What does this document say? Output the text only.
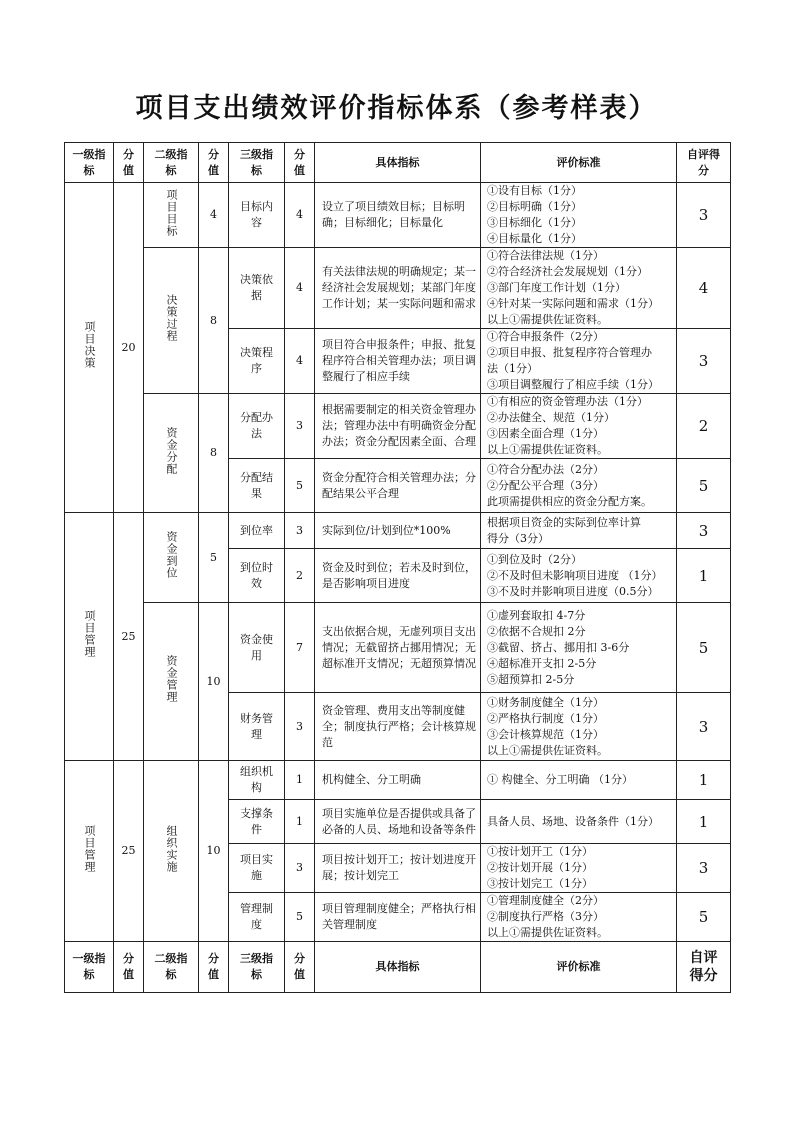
项目支出绩效评价指标体系（参考样表）
一级指标	分值	二级指标	分值	三级指标	分值	具体指标	评价标准	自评得分
项目决策	20	项目目标	4	目标内容	4	设立了项目绩效目标；目标明确；目标细化；目标量化	①设有目标（1分）
②目标明确（1分）
③目标细化（1分）
④目标量化（1分）	3
		决策过程	8	决策依据	4	有关法律法规的明确规定；某一经济社会发展规划；某部门年度工作计划；某一实际问题和需求	①符合法律法规（1分）
②符合经济社会发展规划（1分）
③部门年度工作计划（1分）
④针对某一实际问题和需求（1分）
以上①需提供佐证资料。	4
				决策程序	4	项目符合申报条件；申报、批复程序符合相关管理办法；项目调整履行了相应手续	①符合申报条件（2分）
②项目申报、批复程序符合管理办
法（1分）
③项目调整履行了相应手续（1分）	3
		资金分配	8	分配办法	3	根据需要制定的相关资金管理办法；管理办法中有明确资金分配办法；资金分配因素全面、合理	①有相应的资金管理办法（1分）
②办法健全、规范（1分）
③因素全面合理（1分）
以上①需提供佐证资料。	2
				分配结果	5	资金分配符合相关管理办法；分配结果公平合理	①符合分配办法（2分）
②分配公平合理（3分）
此项需提供相应的资金分配方案。	5
项目管理	25	资金到位	5	到位率	3	实际到位/计划到位*100%	根据项目资金的实际到位率计算
得分（3分）	3
				到位时效	2	资金及时到位；若未及时到位，是否影响项目进度	①到位及时（2分）
②不及时但未影响项目进度 （1分）
③不及时并影响项目进度（0.5分）	1
		资金管理	10	资金使用	7	支出依据合规，无虚列项目支出情况；无截留挤占挪用情况；无超标准开支情况；无超预算情况	①虚列套取扣 4-7分
②依据不合规扣 2分
③截留、挤占、挪用扣 3-6分
④超标准开支扣 2-5分
⑤超预算扣 2-5分	5
				财务管理	3	资金管理、费用支出等制度健全；制度执行严格；会计核算规范	①财务制度健全（1分）
②严格执行制度（1分）
③会计核算规范（1分）
以上①需提供佐证资料。	3
项目管理	25	组织实施	10	组织机构	1	机构健全、分工明确	① 构健全、分工明确 （1分）	1
				支撑条件	1	项目实施单位是否提供或具备了必备的人员、场地和设备等条件	具备人员、场地、设备条件（1分）	1
				项目实施	3	项目按计划开工；按计划进度开展；按计划完工	①按计划开工（1分）
②按计划开展（1分）
③按计划完工（1分）	3
				管理制度	5	项目管理制度健全；严格执行相关管理制度	①管理制度健全（2分）
②制度执行严格（3分）
以上①需提供佐证资料。	5
一级指标	分值	二级指标	分值	三级指标	分值	具体指标	评价标准	自评得分
